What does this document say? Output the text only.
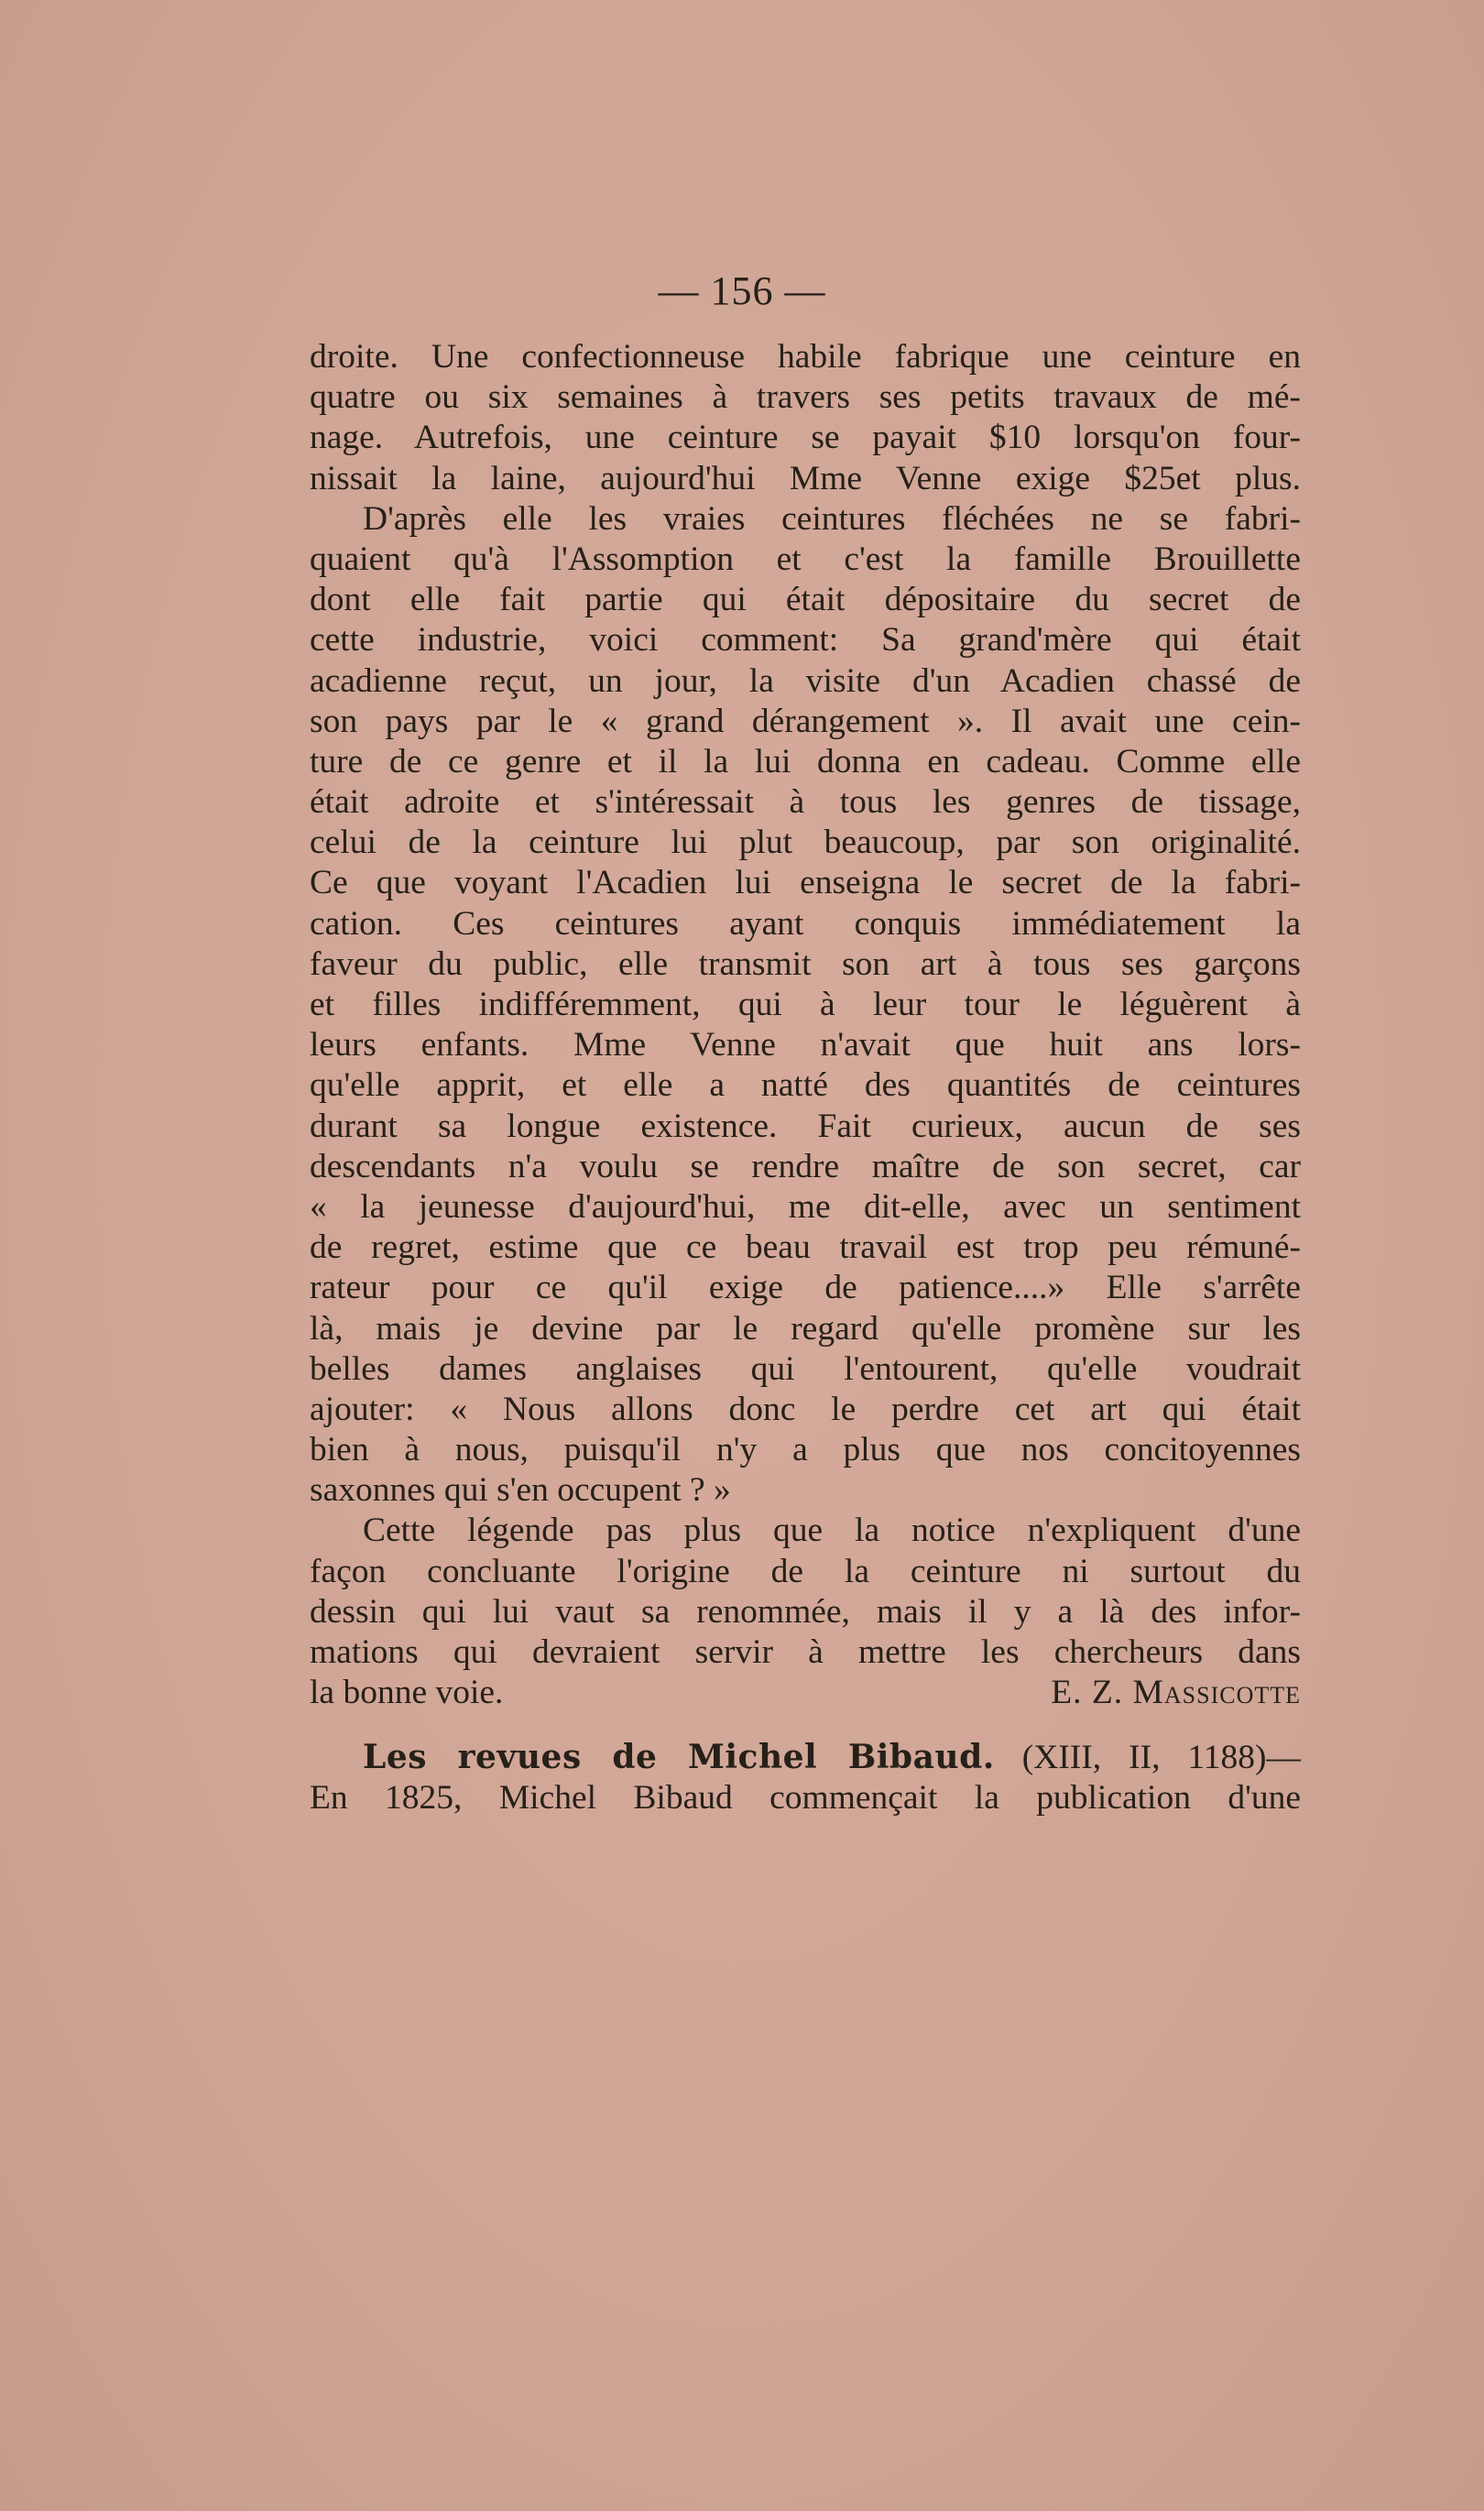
— 156 —
droite. Une confectionneuse habile fabrique une ceinture en
quatre ou six semaines à travers ses petits travaux de mé-
nage. Autrefois, une ceinture se payait $10 lorsqu'on four-
nissait la laine, aujourd'hui Mme Venne exige $25et plus.
D'après elle les vraies ceintures fléchées ne se fabri-
quaient qu'à l'Assomption et c'est la famille Brouillette
dont elle fait partie qui était dépositaire du secret de
cette industrie, voici comment: Sa grand'mère qui était
acadienne reçut, un jour, la visite d'un Acadien chassé de
son pays par le « grand dérangement ». Il avait une cein-
ture de ce genre et il la lui donna en cadeau. Comme elle
était adroite et s'intéressait à tous les genres de tissage,
celui de la ceinture lui plut beaucoup, par son originalité.
Ce que voyant l'Acadien lui enseigna le secret de la fabri-
cation. Ces ceintures ayant conquis immédiatement la
faveur du public, elle transmit son art à tous ses garçons
et filles indifféremment, qui à leur tour le léguèrent à
leurs enfants. Mme Venne n'avait que huit ans lors-
qu'elle apprit, et elle a natté des quantités de ceintures
durant sa longue existence. Fait curieux, aucun de ses
descendants n'a voulu se rendre maître de son secret, car
« la jeunesse d'aujourd'hui, me dit-elle, avec un sentiment
de regret, estime que ce beau travail est trop peu rémuné-
rateur pour ce qu'il exige de patience....» Elle s'arrête
là, mais je devine par le regard qu'elle promène sur les
belles dames anglaises qui l'entourent, qu'elle voudrait
ajouter: « Nous allons donc le perdre cet art qui était
bien à nous, puisqu'il n'y a plus que nos concitoyennes
saxonnes qui s'en occupent ? »
Cette légende pas plus que la notice n'expliquent d'une
façon concluante l'origine de la ceinture ni surtout du
dessin qui lui vaut sa renommée, mais il y a là des infor-
mations qui devraient servir à mettre les chercheurs dans
la bonne voie.	E. Z. Massicotte
Les revues de Michel Bibaud. (XIII, II, 1188)—
En 1825, Michel Bibaud commençait la publication d'une
